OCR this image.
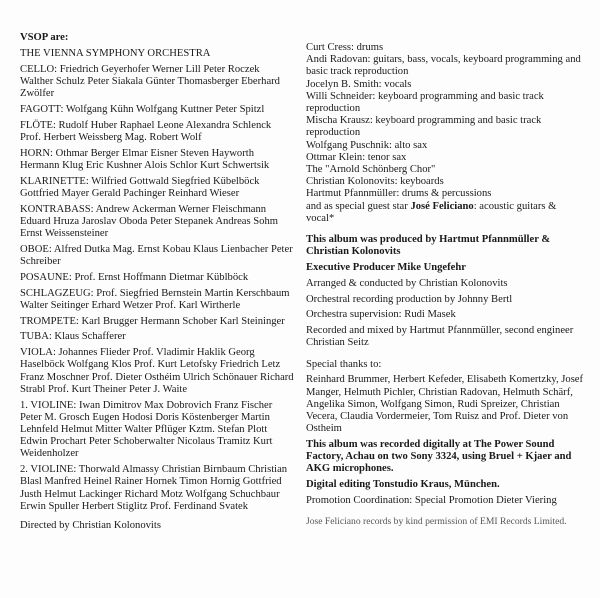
VSOP are:

THE VIENNA SYMPHONY ORCHESTRA

CELLO: Friedrich Geyerhofer Werner Lill Peter Roczek Walther Schulz Peter Siakala Günter Thomasberger Eberhard Zwölfer

FAGOTT: Wolfgang Kühn Wolfgang Kuttner Peter Spitzl

FLÖTE: Rudolf Huber Raphael Leone Alexandra Schlenck Prof. Herbert Weissberg Mag. Robert Wolf

HORN: Othmar Berger Elmar Eisner Steven Hayworth Hermann Klug Eric Kushner Alois Schlor Kurt Schwertsik

KLARINETTE: Wilfried Gottwald Siegfried Kübelböck Gottfried Mayer Gerald Pachinger Reinhard Wieser

KONTRABASS: Andrew Ackerman Werner Fleischmann Eduard Hruza Jaroslav Oboda Peter Stepanek Andreas Sohm Ernst Weissensteiner

OBOE: Alfred Dutka Mag. Ernst Kobau Klaus Lienbacher Peter Schreiber

POSAUNE: Prof. Ernst Hoffmann Dietmar Küblböck

SCHLAGZEUG: Prof. Siegfried Bernstein Martin Kerschbaum Walter Seitinger Erhard Wetzer Prof. Karl Wirtherle

TROMPETE: Karl Brugger Hermann Schober Karl Steininger

TUBA: Klaus Schafferer

VIOLA: Johannes Flieder Prof. Vladimir Haklik Georg Haselböck Wolfgang Klos Prof. Kurt Letofsky Friedrich Letz Franz Moschner Prof. Dieter Osthéim Ulrich Schönauer Richard Strabl Prof. Kurt Theiner Peter J. Waite

1. VIOLINE: Iwan Dimitrov Max Dobrovich Franz Fischer Peter M. Grosch Eugen Hodosi Doris Köstenberger Martin Lehnfeld Helmut Mitter Walter Pflüger Kztm. Stefan Plott Edwin Prochart Peter Schoberwalter Nicolaus Tramitz Kurt Weidenholzer

2. VIOLINE: Thorwald Almassy Christian Birnbaum Christian Blasl Manfred Heinel Rainer Hornek Timon Hornig Gottfried Justh Helmut Lackinger Richard Motz Wolfgang Schuchbaur Erwin Spuller Herbert Stiglitz Prof. Ferdinand Svatek

Directed by Christian Kolonovits

Curt Cress: drums

Andi Radovan: guitars, bass, vocals, keyboard programming and basic track reproduction

Jocelyn B. Smith: vocals

Willi Schneider: keyboard programming and basic track reproduction

Mischa Krausz: keyboard programming and basic track reproduction

Wolfgang Puschnik: alto sax

Ottmar Klein: tenor sax

The "Arnold Schönberg Chor"

Christian Kolonovits: keyboards

Hartmut Pfannmüller: drums & percussions

and as special guest star José Feliciano: acoustic guitars & vocal*

This album was produced by Hartmut Pfannmüller & Christian Kolonovits

Executive Producer Mike Ungefehr

Arranged & conducted by Christian Kolonovits

Orchestral recording production by Johnny Bertl

Orchestra supervision: Rudi Masek

Recorded and mixed by Hartmut Pfannmüller, second engineer Christian Seitz

Special thanks to:

Reinhard Brummer, Herbert Kefeder, Elisabeth Komertzky, Josef Manger, Helmuth Pichler, Christian Radovan, Helmuth Schärf, Angelika Simon, Wolfgang Simon, Rudi Spreizer, Christian Vecera, Claudia Vordermeier, Tom Ruisz and Prof. Dieter von Ostheim

This album was recorded digitally at The Power Sound Factory, Achau on two Sony 3324, using Bruel + Kjaer and AKG microphones.

Digital editing Tonstudio Kraus, München.

Promotion Coordination: Special Promotion Dieter Viering

Jose Feliciano records by kind permission of EMI Records Limited.
